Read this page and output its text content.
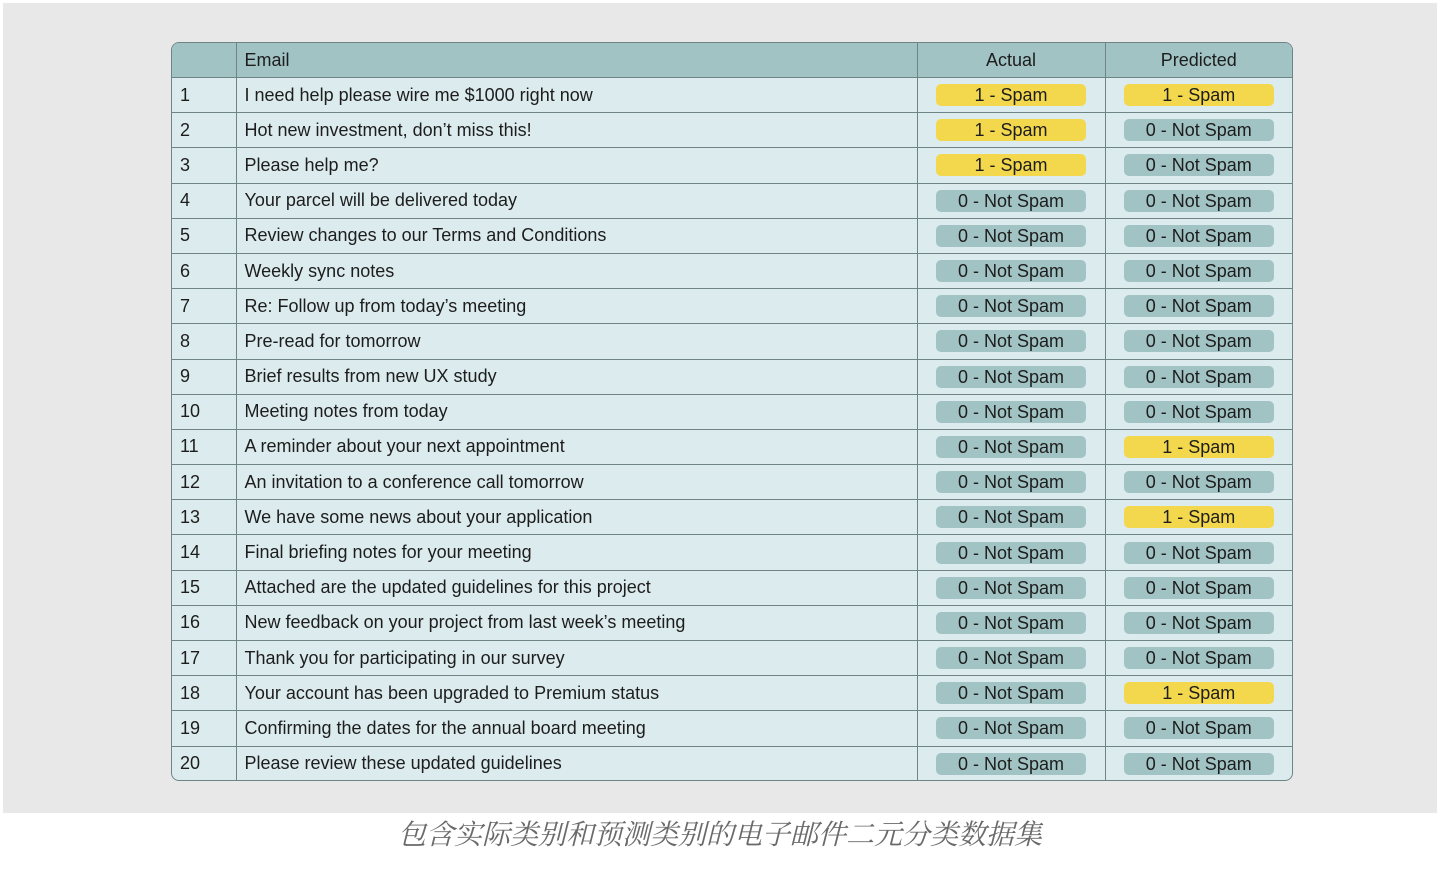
	Email	Actual	Predicted
1	I need help please wire me $1000 right now	1 - Spam	1 - Spam
2	Hot new investment, don’t miss this!	1 - Spam	0 - Not Spam
3	Please help me?	1 - Spam	0 - Not Spam
4	Your parcel will be delivered today	0 - Not Spam	0 - Not Spam
5	Review changes to our Terms and Conditions	0 - Not Spam	0 - Not Spam
6	Weekly sync notes	0 - Not Spam	0 - Not Spam
7	Re: Follow up from today’s meeting	0 - Not Spam	0 - Not Spam
8	Pre-read for tomorrow	0 - Not Spam	0 - Not Spam
9	Brief results from new UX study	0 - Not Spam	0 - Not Spam
10	Meeting notes from today	0 - Not Spam	0 - Not Spam
11	A reminder about your next appointment	0 - Not Spam	1 - Spam
12	An invitation to a conference call tomorrow	0 - Not Spam	0 - Not Spam
13	We have some news about your application	0 - Not Spam	1 - Spam
14	Final briefing notes for your meeting	0 - Not Spam	0 - Not Spam
15	Attached are the updated guidelines for this project	0 - Not Spam	0 - Not Spam
16	New feedback on your project from last week’s meeting	0 - Not Spam	0 - Not Spam
17	Thank you for participating in our survey	0 - Not Spam	0 - Not Spam
18	Your account has been upgraded to Premium status	0 - Not Spam	1 - Spam
19	Confirming the dates for the annual board meeting	0 - Not Spam	0 - Not Spam
20	Please review these updated guidelines	0 - Not Spam	0 - Not Spam
包含实际类别和预测类别的电子邮件二元分类数据集
